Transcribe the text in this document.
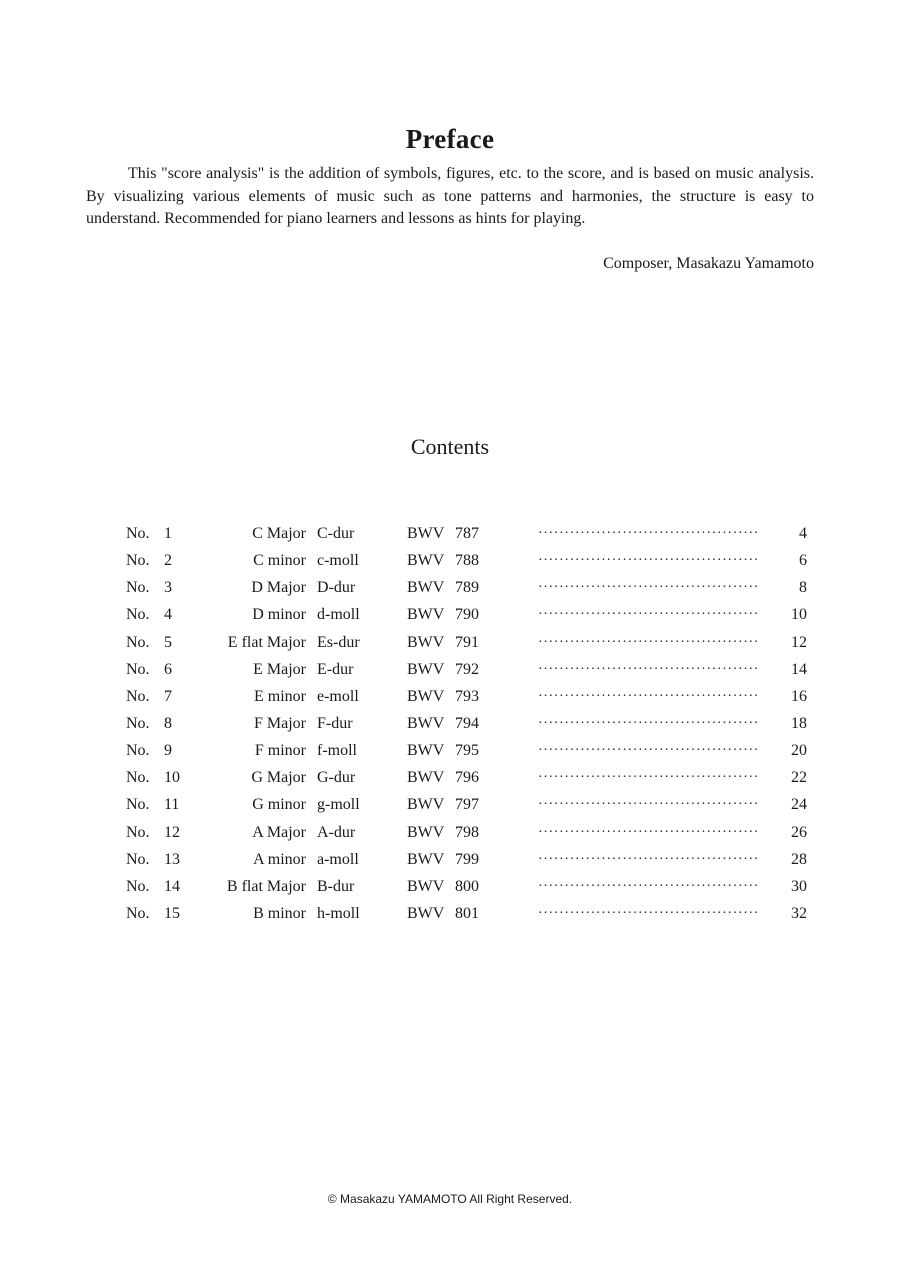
Preface

This "score analysis" is the addition of symbols, figures, etc. to the score, and is based on music analysis. By visualizing various elements of music such as tone patterns and harmonies, the structure is easy to understand. Recommended for piano learners and lessons as hints for playing.

Composer, Masakazu Yamamoto

Contents
No. 1	C Major C-dur	BWV 787	·········································· 4
No. 2	C minor c-moll	BWV 788	·········································· 6
No. 3	D Major D-dur	BWV 789	·········································· 8
No. 4	D minor d-moll	BWV 790	·········································· 10
No. 5	E flat Major Es-dur	BWV 791	·········································· 12
No. 6	E Major E-dur	BWV 792	·········································· 14
No. 7	E minor e-moll	BWV 793	·········································· 16
No. 8	F Major F-dur	BWV 794	·········································· 18
No. 9	F minor f-moll	BWV 795	·········································· 20
No. 10	G Major G-dur	BWV 796	·········································· 22
No. 11	G minor g-moll	BWV 797	·········································· 24
No. 12	A Major A-dur	BWV 798	·········································· 26
No. 13	A minor a-moll	BWV 799	·········································· 28
No. 14	B flat Major B-dur	BWV 800	·········································· 30
No. 15	B minor h-moll	BWV 801	·········································· 32

© Masakazu YAMAMOTO All Right Reserved.
